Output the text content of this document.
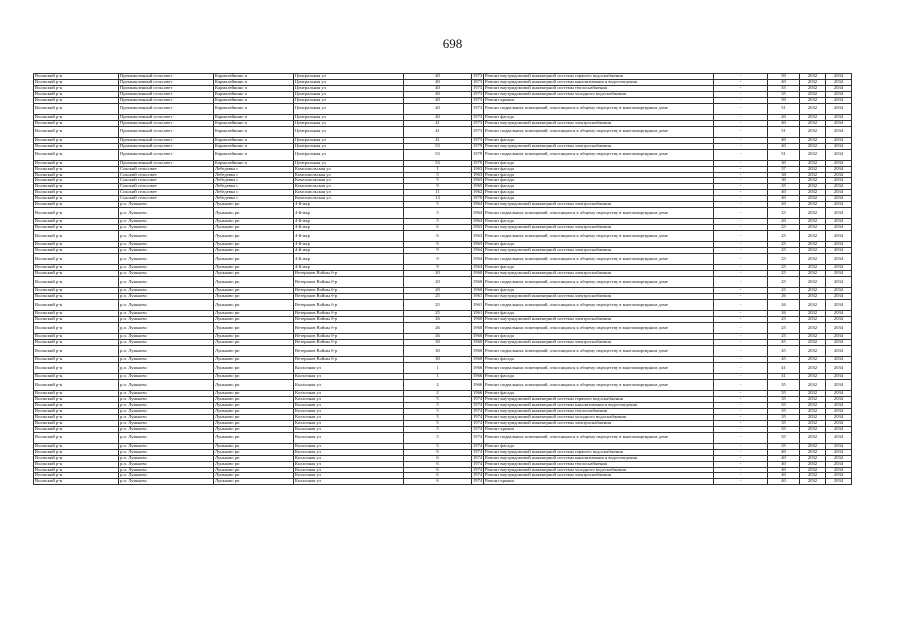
698
Волжский р-н	Промышленный сельсовет	Кармалейкино п	Центральная ул	40	1973	Ремонт внутридомовой инженерной системы горячего водоснабжения	-	50	2032	2034
Волжский р-н	Промышленный сельсовет	Кармалейкино п	Центральная ул	40	1973	Ремонт внутридомовой инженерной системы канализования и водоотведения	-	40	2032	2034
Волжский р-н	Промышленный сельсовет	Кармалейкино п	Центральная ул	40	1973	Ремонт внутридомовой инженерной системы теплоснабжения	-	35	2032	2034
Волжский р-н	Промышленный сельсовет	Кармалейкино п	Центральная ул	40	1973	Ремонт внутридомовой инженерной системы холодного водоснабжения	-	35	2032	2034
Волжский р-н	Промышленный сельсовет	Кармалейкино п	Центральная ул	40	1973	Ремонт крыши	-	50	2032	2034
Волжский р-н	Промышленный сельсовет	Кармалейкино п	Центральная ул	40	1973	Ремонт подвальных помещений, относящихся к общему имуществу в многоквартирном доме	-	51	2032	2034
Волжский р-н	Промышленный сельсовет	Кармалейкино п	Центральная ул	40	1973	Ремонт фасада	-	20	2032	2034
Волжский р-н	Промышленный сельсовет	Кармалейкино п	Центральная ул	41	1973	Ремонт внутридомовой инженерной системы электроснабжения	-	40	2032	2034
Волжский р-н	Промышленный сельсовет	Кармалейкино п	Центральная ул	41	1973	Ремонт подвальных помещений, относящихся к общему имуществу в многоквартирном доме	-	51	2032	2034
Волжский р-н	Промышленный сельсовет	Кармалейкино п	Центральная ул	41	1973	Ремонт фасада	-	40	2032	2034
Волжский р-н	Промышленный сельсовет	Кармалейкино п	Центральная ул	53	1979	Ремонт внутридомовой инженерной системы электроснабжения	-	40	2032	2034
Волжский р-н	Промышленный сельсовет	Кармалейкино п	Центральная ул	53	1979	Ремонт подвальных помещений, относящихся к общему имуществу в многоквартирном доме	-	51	2032	2034
Волжский р-н	Промышленный сельсовет	Кармалейкино п	Центральная ул	53	1979	Ремонт фасада	-	30	2032	2034
Волжский р-н	Сокский сельсовет	Лебедевка с	Комсомольская ул	1	1963	Ремонт фасада	-	37	2032	2034
Волжский р-н	Сокский сельсовет	Лебедевка с	Комсомольская ул	3	1963	Ремонт фасада	-	38	2032	2034
Волжский р-н	Сокский сельсовет	Лебедевка с	Комсомольская ул	5	1963	Ремонт фасада	-	30	2032	2034
Волжский р-н	Сокский сельсовет	Лебедевка с	Комсомольская ул	9	1965	Ремонт фасада	-	35	2032	2034
Волжский р-н	Сокский сельсовет	Лебедевка с	Комсомольская ул	11	1962	Ремонт фасада	-	40	2032	2034
Волжский р-н	Сокский сельсовет	Лебедевка с	Комсомольская ул	13	1970	Ремонт фасада	-	40	2032	2034
Волжский р-н	р.п. Луньково	Луньково рп	4-й мкр	5	1964	Ремонт внутридомовой инженерной системы электроснабжения	-	20	2032	2034
Волжский р-н	р.п. Луньково	Луньково рп	4-й мкр	5	1964	Ремонт подвальных помещений, относящихся к общему имуществу в многоквартирном доме	-	25	2032	2034
Волжский р-н	р.п. Луньково	Луньково рп	4-й мкр	5	1964	Ремонт фасада	-	20	2032	2034
Волжский р-н	р.п. Луньково	Луньково рп	4-й мкр	6	1963	Ремонт внутридомовой инженерной системы электроснабжения	-	25	2032	2034
Волжский р-н	р.п. Луньково	Луньково рп	4-й мкр	6	1963	Ремонт подвальных помещений, относящихся к общему имуществу в многоквартирном доме	-	25	2032	2034
Волжский р-н	р.п. Луньково	Луньково рп	4-й мкр	6	1963	Ремонт фасада	-	25	2032	2034
Волжский р-н	р.п. Луньково	Луньково рп	4-й мкр	9	1964	Ремонт внутридомовой инженерной системы электроснабжения	-	25	2032	2034
Волжский р-н	р.п. Луньково	Луньково рп	4-й мкр	9	1964	Ремонт подвальных помещений, относящихся к общему имуществу в многоквартирном доме	-	25	2032	2034
Волжский р-н	р.п. Луньково	Луньково рп	4-й мкр	9	1964	Ремонт фасада	-	25	2032	2034
Волжский р-н	р.п. Луньково	Луньково рп	Ветеранов Войны б-р	20	1960	Ремонт внутридомовой инженерной системы электроснабжения	-	25	2032	2034
Волжский р-н	р.п. Луньково	Луньково рп	Ветеранов Войны б-р	20	1960	Ремонт подвальных помещений, относящихся к общему имуществу в многоквартирном доме	-	25	2032	2034
Волжский р-н	р.п. Луньково	Луньково рп	Ветеранов Войны б-р	20	1960	Ремонт фасада	-	25	2032	2034
Волжский р-н	р.п. Луньково	Луньково рп	Ветеранов Войны б-р	25	1961	Ремонт внутридомовой инженерной системы электроснабжения	-	26	2032	2034
Волжский р-н	р.п. Луньково	Луньково рп	Ветеранов Войны б-р	25	1961	Ремонт подвальных помещений, относящихся к общему имуществу в многоквартирном доме	-	26	2032	2034
Волжский р-н	р.п. Луньково	Луньково рп	Ветеранов Войны б-р	25	1961	Ремонт фасада	-	26	2032	2034
Волжский р-н	р.п. Луньково	Луньково рп	Ветеранов Войны б-р	26	1960	Ремонт внутридомовой инженерной системы электроснабжения	-	25	2032	2034
Волжский р-н	р.п. Луньково	Луньково рп	Ветеранов Войны б-р	26	1960	Ремонт подвальных помещений, относящихся к общему имуществу в многоквартирном доме	-	25	2032	2034
Волжский р-н	р.п. Луньково	Луньково рп	Ветеранов Войны б-р	26	1960	Ремонт фасада	-	25	2032	2034
Волжский р-н	р.п. Луньково	Луньково рп	Ветеранов Войны б-р	30	1960	Ремонт внутридомовой инженерной системы электроснабжения	-	45	2032	2034
Волжский р-н	р.п. Луньково	Луньково рп	Ветеранов Войны б-р	30	1960	Ремонт подвальных помещений, относящихся к общему имуществу в многоквартирном доме	-	45	2032	2034
Волжский р-н	р.п. Луньково	Луньково рп	Ветеранов Войны б-р	30	1960	Ремонт фасада	-	45	2032	2034
Волжский р-н	р.п. Луньково	Луньково рп	Колхозная ул	1	1966	Ремонт подвальных помещений, относящихся к общему имуществу в многоквартирном доме	-	41	2032	2034
Волжский р-н	р.п. Луньково	Луньково рп	Колхозная ул	1	1966	Ремонт фасада	-	41	2032	2034
Волжский р-н	р.п. Луньково	Луньково рп	Колхозная ул	2	1966	Ремонт подвальных помещений, относящихся к общему имуществу в многоквартирном доме	-	35	2032	2034
Волжский р-н	р.п. Луньково	Луньково рп	Колхозная ул	2	1966	Ремонт фасада	-	35	2032	2034
Волжский р-н	р.п. Луньково	Луньково рп	Колхозная ул	5	1974	Ремонт внутридомовой инженерной системы горячего водоснабжения	-	35	2032	2034
Волжский р-н	р.п. Луньково	Луньково рп	Колхозная ул	5	1974	Ремонт внутридомовой инженерной системы канализования и водоотведения	-	35	2032	2034
Волжский р-н	р.п. Луньково	Луньково рп	Колхозная ул	5	1974	Ремонт внутридомовой инженерной системы теплоснабжения	-	35	2032	2034
Волжский р-н	р.п. Луньково	Луньково рп	Колхозная ул	5	1974	Ремонт внутридомовой инженерной системы холодного водоснабжения	-	35	2032	2034
Волжский р-н	р.п. Луньково	Луньково рп	Колхозная ул	5	1974	Ремонт внутридомовой инженерной системы электроснабжения	-	35	2032	2034
Волжский р-н	р.п. Луньково	Луньково рп	Колхозная ул	5	1974	Ремонт крыши	-	35	2032	2034
Волжский р-н	р.п. Луньково	Луньково рп	Колхозная ул	5	1974	Ремонт подвальных помещений, относящихся к общему имуществу в многоквартирном доме	-	35	2032	2034
Волжский р-н	р.п. Луньково	Луньково рп	Колхозная ул	5	1974	Ремонт фасада	-	35	2032	2034
Волжский р-н	р.п. Луньково	Луньково рп	Колхозная ул	6	1974	Ремонт внутридомовой инженерной системы горячего водоснабжения	-	40	2032	2034
Волжский р-н	р.п. Луньково	Луньково рп	Колхозная ул	6	1974	Ремонт внутридомовой инженерной системы канализования и водоотведения	-	40	2032	2034
Волжский р-н	р.п. Луньково	Луньково рп	Колхозная ул	6	1974	Ремонт внутридомовой инженерной системы теплоснабжения	-	40	2032	2034
Волжский р-н	р.п. Луньково	Луньково рп	Колхозная ул	6	1974	Ремонт внутридомовой инженерной системы холодного водоснабжения	-	40	2032	2034
Волжский р-н	р.п. Луньково	Луньково рп	Колхозная ул	6	1974	Ремонт внутридомовой инженерной системы электроснабжения	-	40	2032	2034
Волжский р-н	р.п. Луньково	Луньково рп	Колхозная ул	6	1974	Ремонт крыши	-	40	2032	2034
